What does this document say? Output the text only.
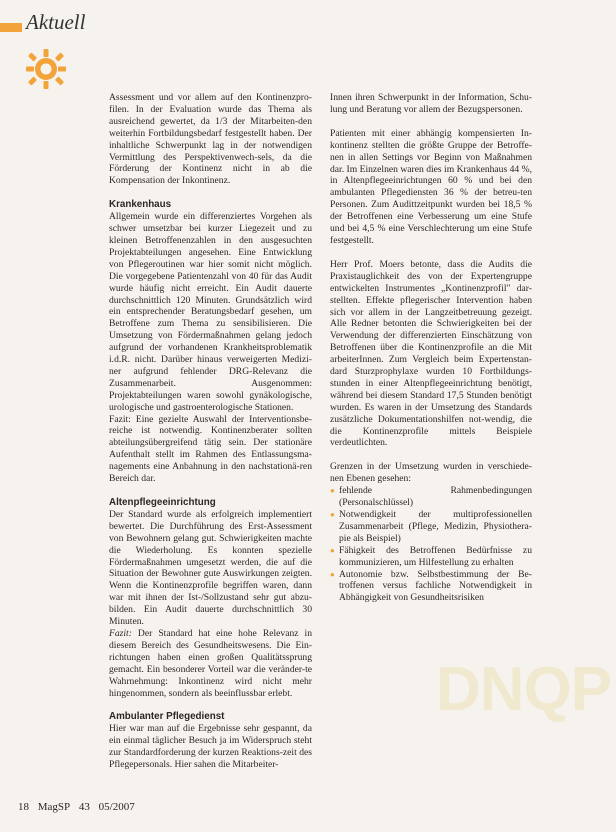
Aktuell
DNQP

Assessment und vor allem auf den Kontinenzpro-filen. In der Evaluation wurde das Thema als ausreichend gewertet, da 1/3 der Mitarbeiten-den weiterhin Fortbildungsbedarf festgestellt haben. Der inhaltliche Schwerpunkt lag in der notwendigen Vermittlung des Perspektivenwech-sels, da die Förderung der Kontinenz nicht in ab die Kompensation der Inkontinenz.

Krankenhaus

Allgemein wurde ein differenziertes Vorgehen als schwer umsetzbar bei kurzer Liegezeit und zu kleinen Betroffenenzahlen in den ausgesuchten Projektabteilungen angesehen. Eine Entwicklung von Pflegeroutinen war hier somit nicht möglich. Die vorgegebene Patientenzahl von 40 für das Audit wurde häufig nicht erreicht. Ein Audit dauerte durchschnittlich 120 Minuten. Grundsätzlich wird ein entsprechender Beratungsbedarf gesehen, um Betroffene zum Thema zu sensibilisieren. Die Umsetzung von Fördermaßnahmen gelang jedoch aufgrund der vorhandenen Krankheitsproblematik i.d.R. nicht. Darüber hinaus verweigerten Medizi-ner aufgrund fehlender DRG-Relevanz die Zusammenarbeit. Ausgenommen: Projektabteilungen waren sowohl gynäkologische, urologische und gastroenterologische Stationen.

Fazit: Eine gezielte Auswahl der Interventionsbe-reiche ist notwendig. Kontinenzberater sollten abteilungsübergreifend tätig sein. Der stationäre Aufenthalt stellt im Rahmen des Entlassungsma-nagements eine Anbahnung in den nachstationä-ren Bereich dar.

Altenpflegeeinrichtung

Der Standard wurde als erfolgreich implementiert bewertet. Die Durchführung des Erst-Assessment von Bewohnern gelang gut. Schwierigkeiten machte die Wiederholung. Es konnten spezielle Fördermaßnahmen umgesetzt werden, die auf die Situation der Bewohner gute Auswirkungen zeigten. Wenn die Kontinenzprofile begriffen waren, dann war mit ihnen der Ist-/Sollzustand sehr gut abzu-bilden. Ein Audit dauerte durchschnittlich 30 Minuten.

Fazit: Der Standard hat eine hohe Relevanz in diesem Bereich des Gesundheitswesens. Die Ein-richtungen haben einen großen Qualitätssprung gemacht. Ein besonderer Vorteil war die veränder-te Wahrnehmung: Inkontinenz wird nicht mehr hingenommen, sondern als beeinflussbar erlebt.

Ambulanter Pflegedienst

Hier war man auf die Ergebnisse sehr gespannt, da ein einmal täglicher Besuch ja im Widerspruch steht zur Standardforderung der kurzen Reaktions-zeit des Pflegepersonals. Hier sahen die Mitarbeiter-

Innen ihren Schwerpunkt in der Information, Schu-lung und Beratung vor allem der Bezugspersonen.

Patienten mit einer abhängig kompensierten In-kontinenz stellten die größte Gruppe der Betroffe-nen in allen Settings vor Beginn von Maßnahmen dar. Im Einzelnen waren dies im Krankenhaus 44 %, in Altenpflegeeinrichtungen 60 % und bei den ambulanten Pflegediensten 36 % der betreu-ten Personen. Zum Audittzeitpunkt wurden bei 18,5 % der Betroffenen eine Verbesserung um eine Stufe und bei 4,5 % eine Verschlechterung um eine Stufe festgestellt.

Herr Prof. Moers betonte, dass die Audits die Praxistauglichkeit des von der Expertengruppe entwickelten Instrumentes „Kontinenzprofil" dar-stellten. Effekte pflegerischer Intervention haben sich vor allem in der Langzeitbetreuung gezeigt. Alle Redner betonten die Schwierigkeiten bei der Verwendung der differenzierten Einschätzung von Betroffenen über die Kontinenzprofile an die Mit arbeiterInnen. Zum Vergleich beim Expertenstan-dard Sturzprophylaxe wurden 10 Fortbildungs-stunden in einer Altenpflegeeinrichtung benötigt, während bei diesem Standard 17,5 Stunden benötigt wurden. Es waren in der Umsetzung des Standards zusätzliche Dokumentationshilfen not-wendig, die die Kontinenzprofile mittels Beispiele verdeutlichten.

Grenzen in der Umsetzung wurden in verschiede-nen Ebenen gesehen:

● fehlende Rahmenbedingungen (Personalschlüssel)
● Notwendigkeit der multiprofessionellen Zusammenarbeit (Pflege, Medizin, Physiothera-pie als Beispiel)
● Fähigkeit des Betroffenen Bedürfnisse zu kommunizieren, um Hilfestellung zu erhalten
● Autonomie bzw. Selbstbestimmung der Be-troffenen versus fachliche Notwendigkeit in Abhängigkeit von Gesundheitsrisiken
18 MagSP 43 05/2007
